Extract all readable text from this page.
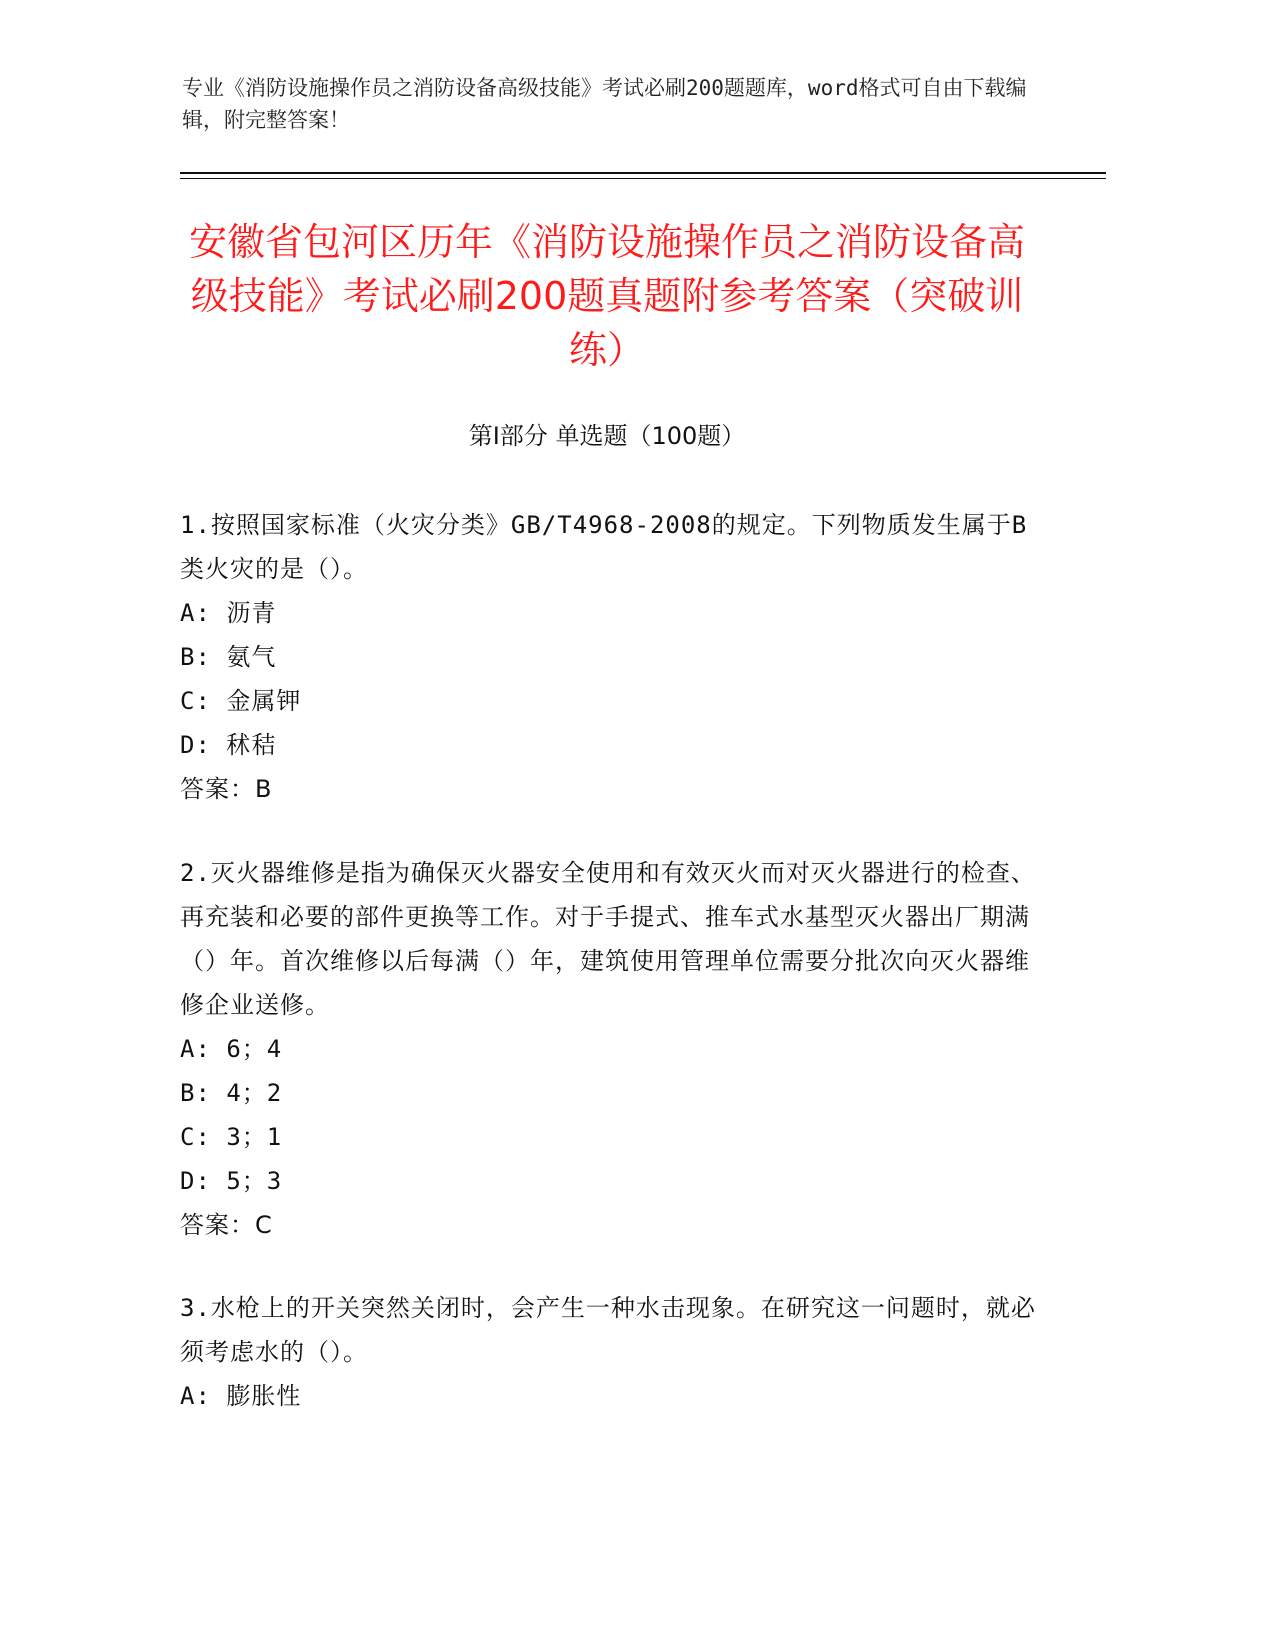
专业《消防设施操作员之消防设备高级技能》考试必刷200题题库，word格式可自由下载编辑，附完整答案！
安徽省包河区历年《消防设施操作员之消防设备高级技能》考试必刷200题真题附参考答案（突破训练）
第I部分 单选题（100题）
1.按照国家标准（火灾分类》GB/T4968-2008的规定。下列物质发生属于B类火灾的是（）。
A: 沥青
B: 氨气
C: 金属钾
D: 秫秸
答案：B
2.灭火器维修是指为确保灭火器安全使用和有效灭火而对灭火器进行的检查、再充装和必要的部件更换等工作。对于手提式、推车式水基型灭火器出厂期满（）年。首次维修以后每满（）年，建筑使用管理单位需要分批次向灭火器维修企业送修。
A: 6；4
B: 4；2
C: 3；1
D: 5；3
答案：C
3.水枪上的开关突然关闭时，会产生一种水击现象。在研究这一问题时，就必须考虑水的（）。
A: 膨胀性
